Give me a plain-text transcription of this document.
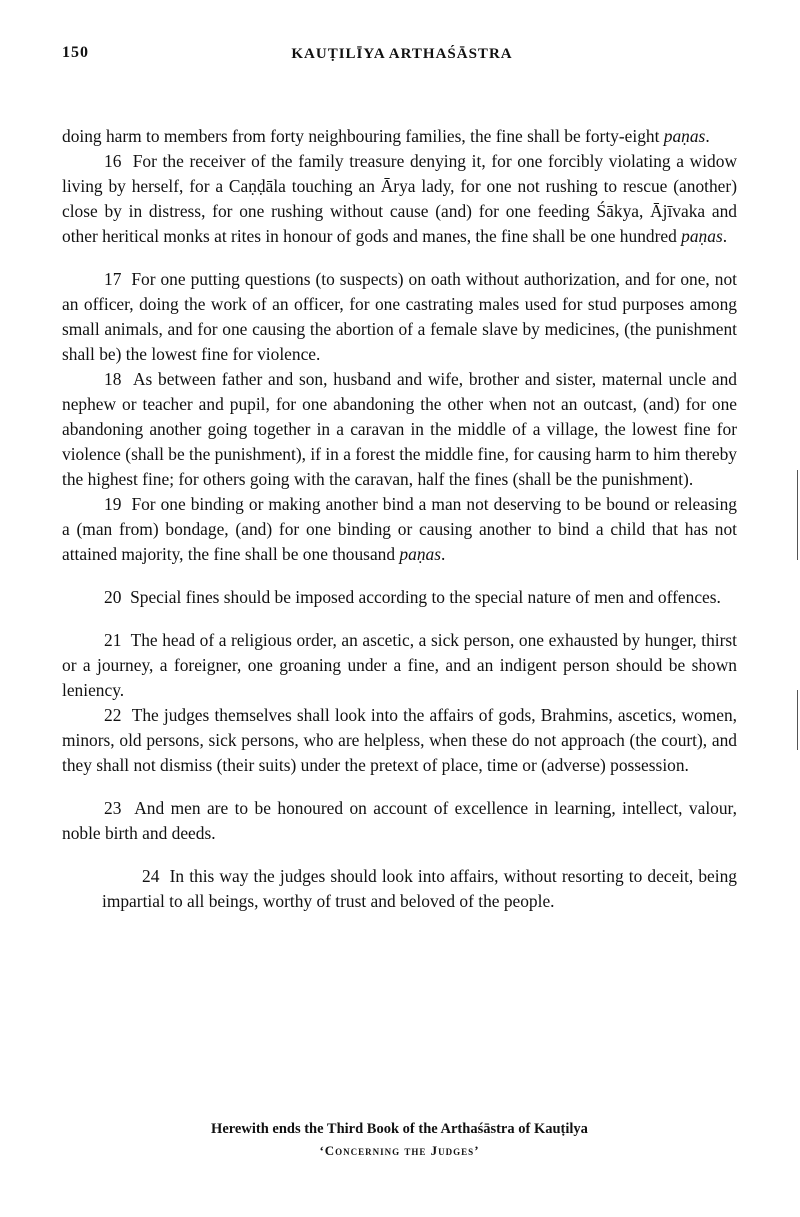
150	KAUṬILĪYA ARTHAŚĀSTRA

doing harm to members from forty neighbouring families, the fine shall be forty-eight paṇas.

16 For the receiver of the family treasure denying it, for one forcibly violating a widow living by herself, for a Caṇḍāla touching an Ārya lady, for one not rushing to rescue (another) close by in distress, for one rushing without cause (and) for one feeding Śākya, Ājīvaka and other heritical monks at rites in honour of gods and manes, the fine shall be one hundred paṇas.

17 For one putting questions (to suspects) on oath without authorization, and for one, not an officer, doing the work of an officer, for one castrating males used for stud purposes among small animals, and for one causing the abortion of a female slave by medicines, (the punishment shall be) the lowest fine for violence.

18 As between father and son, husband and wife, brother and sister, maternal uncle and nephew or teacher and pupil, for one abandoning the other when not an outcast, (and) for one abandoning another going together in a caravan in the middle of a village, the lowest fine for violence (shall be the punishment), if in a forest the middle fine, for causing harm to him thereby the highest fine; for others going with the caravan, half the fines (shall be the punishment).

19 For one binding or making another bind a man not deserving to be bound or releasing a (man from) bondage, (and) for one binding or causing another to bind a child that has not attained majority, the fine shall be one thousand paṇas.

20 Special fines should be imposed according to the special nature of men and offences.

21 The head of a religious order, an ascetic, a sick person, one exhausted by hunger, thirst or a journey, a foreigner, one groaning under a fine, and an indigent person should be shown leniency.

22 The judges themselves shall look into the affairs of gods, Brahmins, ascetics, women, minors, old persons, sick persons, who are helpless, when these do not approach (the court), and they shall not dismiss (their suits) under the pretext of place, time or (adverse) possession.

23 And men are to be honoured on account of excellence in learning, intellect, valour, noble birth and deeds.

24 In this way the judges should look into affairs, without resorting to deceit, being impartial to all beings, worthy of trust and beloved of the people.

Herewith ends the Third Book of the Arthaśāstra of Kauṭilya
‘Concerning the Judges’
